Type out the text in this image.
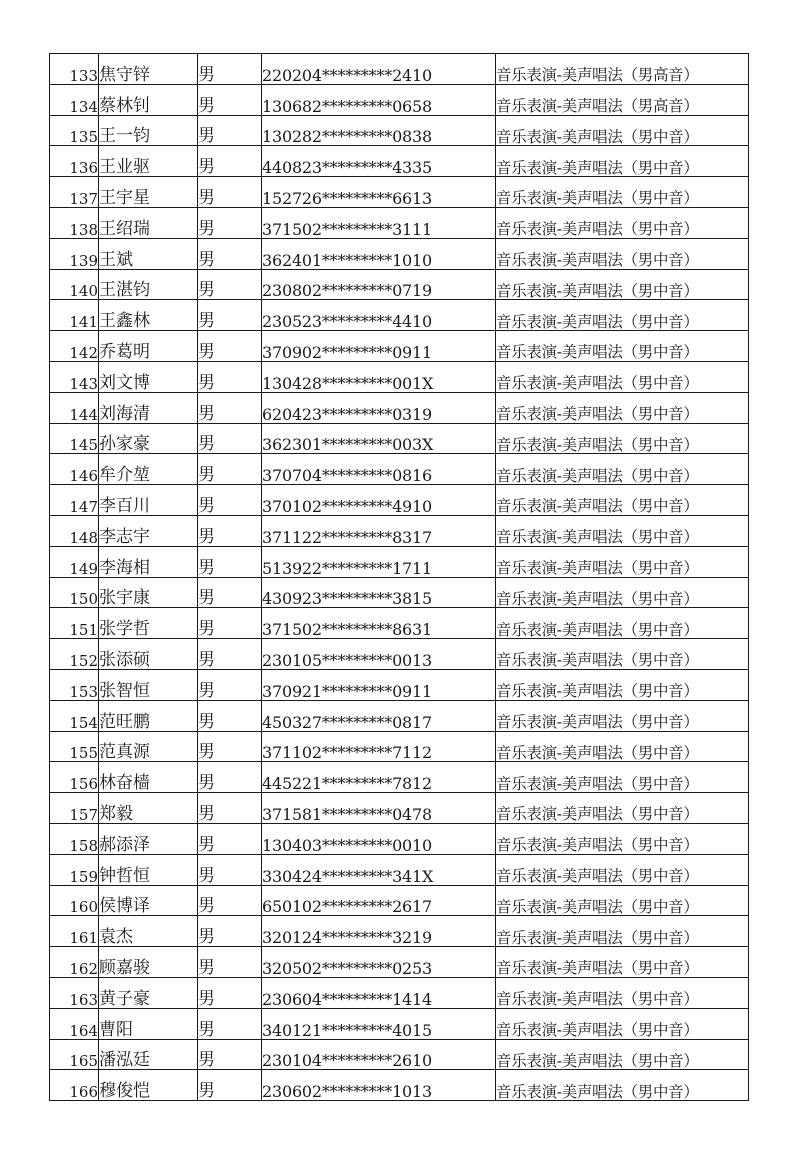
133	焦守锌	男	220204*********2410	音乐表演-美声唱法（男高音）
134	蔡林钊	男	130682*********0658	音乐表演-美声唱法（男高音）
135	王一钧	男	130282*********0838	音乐表演-美声唱法（男中音）
136	王业驱	男	440823*********4335	音乐表演-美声唱法（男中音）
137	王宇星	男	152726*********6613	音乐表演-美声唱法（男中音）
138	王绍瑞	男	371502*********3111	音乐表演-美声唱法（男中音）
139	王斌	男	362401*********1010	音乐表演-美声唱法（男中音）
140	王湛钧	男	230802*********0719	音乐表演-美声唱法（男中音）
141	王鑫林	男	230523*********4410	音乐表演-美声唱法（男中音）
142	乔葛明	男	370902*********0911	音乐表演-美声唱法（男中音）
143	刘文博	男	130428*********001X	音乐表演-美声唱法（男中音）
144	刘海清	男	620423*********0319	音乐表演-美声唱法（男中音）
145	孙家豪	男	362301*********003X	音乐表演-美声唱法（男中音）
146	牟介堃	男	370704*********0816	音乐表演-美声唱法（男中音）
147	李百川	男	370102*********4910	音乐表演-美声唱法（男中音）
148	李志宇	男	371122*********8317	音乐表演-美声唱法（男中音）
149	李海相	男	513922*********1711	音乐表演-美声唱法（男中音）
150	张宇康	男	430923*********3815	音乐表演-美声唱法（男中音）
151	张学哲	男	371502*********8631	音乐表演-美声唱法（男中音）
152	张添硕	男	230105*********0013	音乐表演-美声唱法（男中音）
153	张智恒	男	370921*********0911	音乐表演-美声唱法（男中音）
154	范旺鹏	男	450327*********0817	音乐表演-美声唱法（男中音）
155	范真源	男	371102*********7112	音乐表演-美声唱法（男中音）
156	林奋樯	男	445221*********7812	音乐表演-美声唱法（男中音）
157	郑毅	男	371581*********0478	音乐表演-美声唱法（男中音）
158	郝添泽	男	130403*********0010	音乐表演-美声唱法（男中音）
159	钟哲恒	男	330424*********341X	音乐表演-美声唱法（男中音）
160	侯博译	男	650102*********2617	音乐表演-美声唱法（男中音）
161	袁杰	男	320124*********3219	音乐表演-美声唱法（男中音）
162	顾嘉骏	男	320502*********0253	音乐表演-美声唱法（男中音）
163	黄子豪	男	230604*********1414	音乐表演-美声唱法（男中音）
164	曹阳	男	340121*********4015	音乐表演-美声唱法（男中音）
165	潘泓廷	男	230104*********2610	音乐表演-美声唱法（男中音）
166	穆俊恺	男	230602*********1013	音乐表演-美声唱法（男中音）
